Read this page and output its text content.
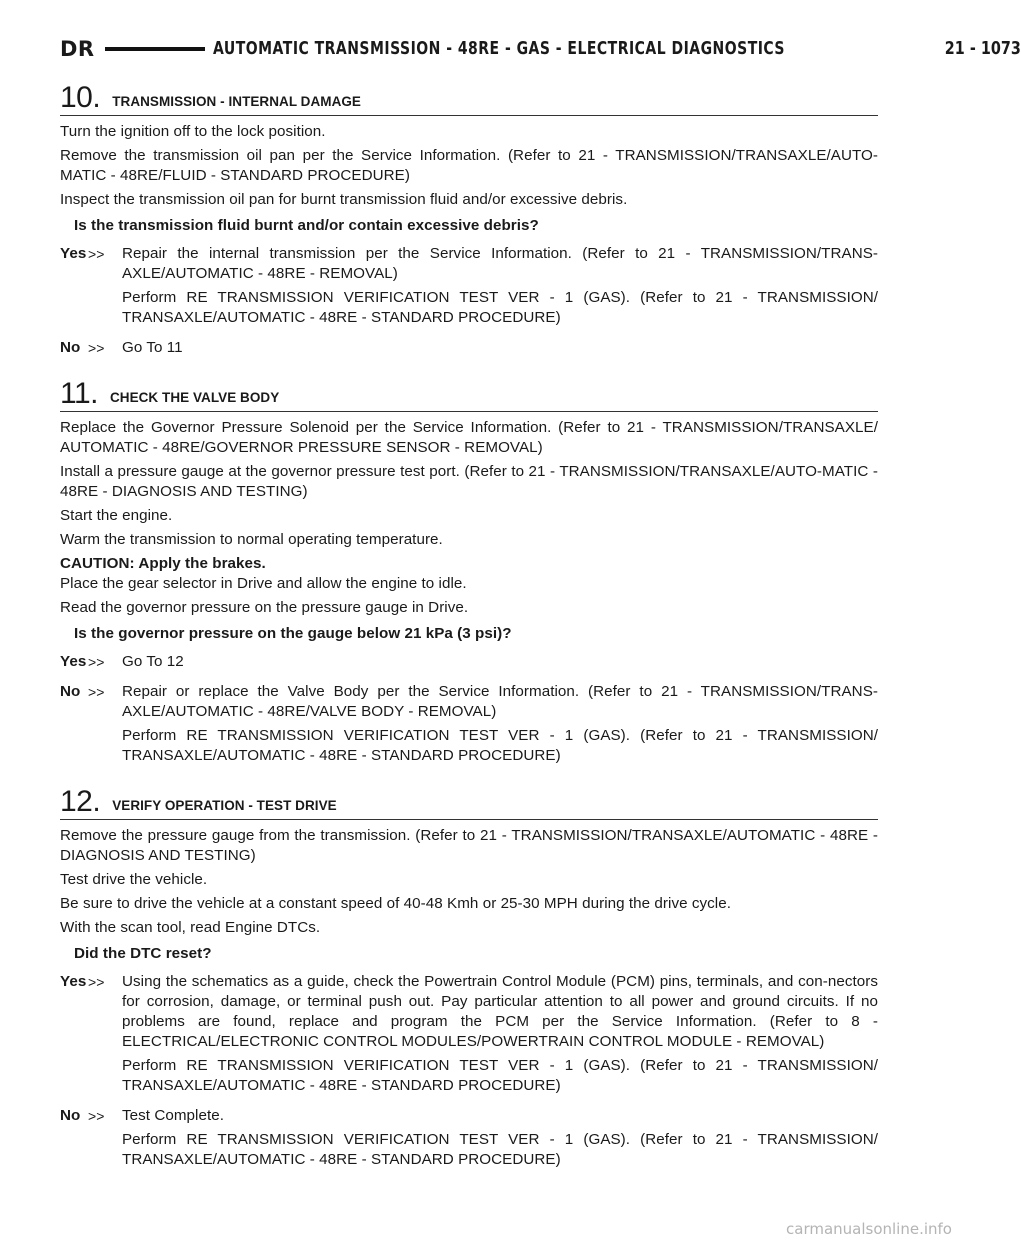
DR	AUTOMATIC TRANSMISSION - 48RE - GAS - ELECTRICAL DIAGNOSTICS	21 - 1073
10. TRANSMISSION - INTERNAL DAMAGE

Turn the ignition off to the lock position.

Remove the transmission oil pan per the Service Information. (Refer to 21 - TRANSMISSION/TRANSAXLE/AUTO-MATIC - 48RE/FLUID - STANDARD PROCEDURE)

Inspect the transmission oil pan for burnt transmission fluid and/or excessive debris.

Is the transmission fluid burnt and/or contain excessive debris?

Yes >> Repair the internal transmission per the Service Information. (Refer to 21 - TRANSMISSION/TRANS-AXLE/AUTOMATIC - 48RE - REMOVAL)

Perform RE TRANSMISSION VERIFICATION TEST VER - 1 (GAS). (Refer to 21 - TRANSMISSION/ TRANSAXLE/AUTOMATIC - 48RE - STANDARD PROCEDURE)

No >> Go To 11

11. CHECK THE VALVE BODY

Replace the Governor Pressure Solenoid per the Service Information. (Refer to 21 - TRANSMISSION/TRANSAXLE/ AUTOMATIC - 48RE/GOVERNOR PRESSURE SENSOR - REMOVAL)

Install a pressure gauge at the governor pressure test port. (Refer to 21 - TRANSMISSION/TRANSAXLE/AUTO-MATIC - 48RE - DIAGNOSIS AND TESTING)

Start the engine.

Warm the transmission to normal operating temperature.

CAUTION: Apply the brakes.

Place the gear selector in Drive and allow the engine to idle.

Read the governor pressure on the pressure gauge in Drive.

Is the governor pressure on the gauge below 21 kPa (3 psi)?

Yes >> Go To 12

No >> Repair or replace the Valve Body per the Service Information. (Refer to 21 - TRANSMISSION/TRANS-AXLE/AUTOMATIC - 48RE/VALVE BODY - REMOVAL)

Perform RE TRANSMISSION VERIFICATION TEST VER - 1 (GAS). (Refer to 21 - TRANSMISSION/ TRANSAXLE/AUTOMATIC - 48RE - STANDARD PROCEDURE)

12. VERIFY OPERATION - TEST DRIVE

Remove the pressure gauge from the transmission. (Refer to 21 - TRANSMISSION/TRANSAXLE/AUTOMATIC - 48RE - DIAGNOSIS AND TESTING)

Test drive the vehicle.

Be sure to drive the vehicle at a constant speed of 40-48 Kmh or 25-30 MPH during the drive cycle.

With the scan tool, read Engine DTCs.

Did the DTC reset?

Yes >> Using the schematics as a guide, check the Powertrain Control Module (PCM) pins, terminals, and con-nectors for corrosion, damage, or terminal push out. Pay particular attention to all power and ground circuits. If no problems are found, replace and program the PCM per the Service Information. (Refer to 8 - ELECTRICAL/ELECTRONIC CONTROL MODULES/POWERTRAIN CONTROL MODULE - REMOVAL)

Perform RE TRANSMISSION VERIFICATION TEST VER - 1 (GAS). (Refer to 21 - TRANSMISSION/ TRANSAXLE/AUTOMATIC - 48RE - STANDARD PROCEDURE)

No >> Test Complete.

Perform RE TRANSMISSION VERIFICATION TEST VER - 1 (GAS). (Refer to 21 - TRANSMISSION/ TRANSAXLE/AUTOMATIC - 48RE - STANDARD PROCEDURE)

carmanualsonline.info
